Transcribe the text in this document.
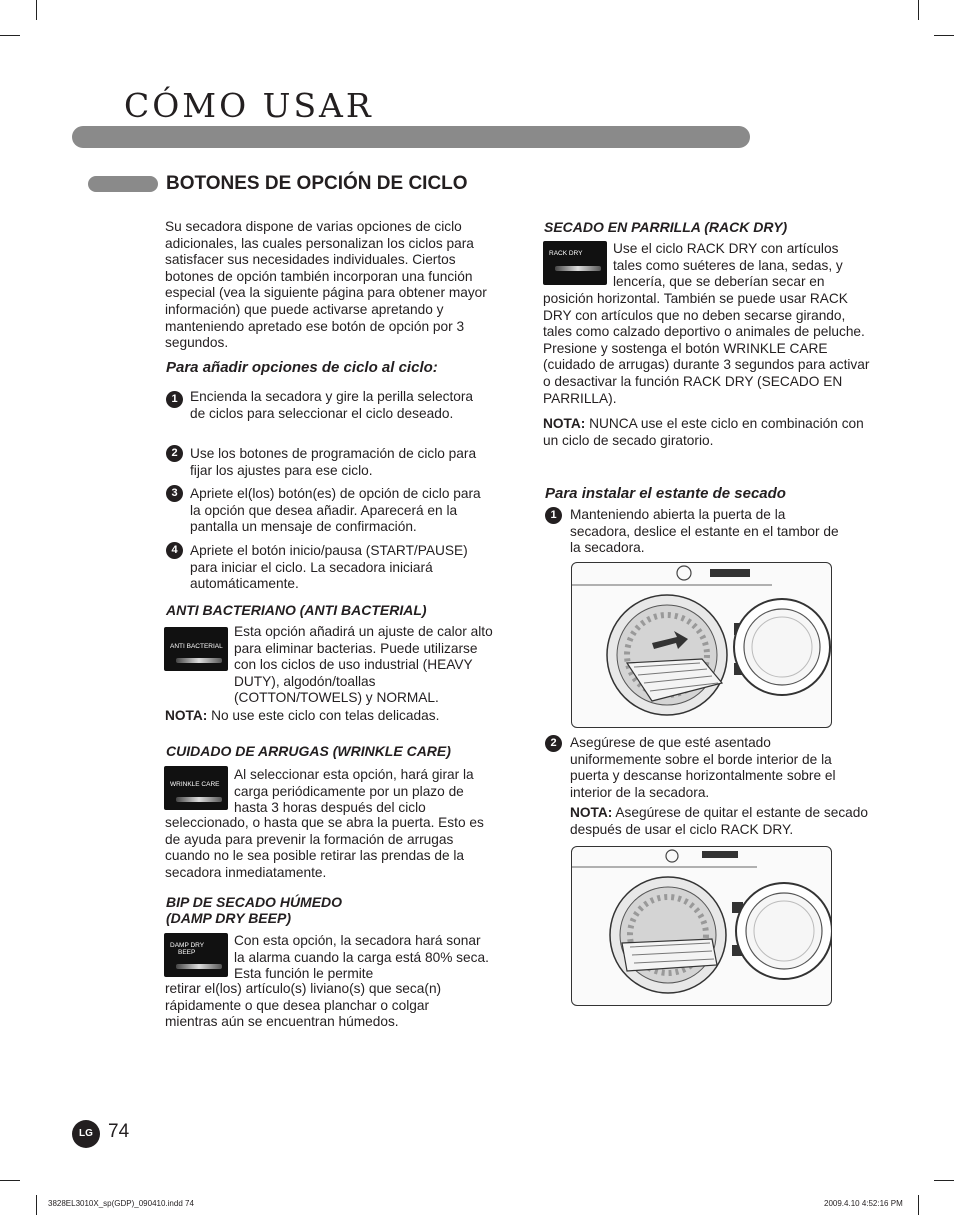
CÓMO USAR
BOTONES DE OPCIÓN DE CICLO

Su secadora dispone de varias opciones de ciclo adicionales, las cuales personalizan los ciclos para satisfacer sus necesidades individuales. Ciertos botones de opción también incorporan una función especial (vea la siguiente página para obtener mayor información) que puede activarse apretando y manteniendo apretado ese botón de opción por 3 segundos.

Para añadir opciones de ciclo al ciclo:
1 Encienda la secadora y gire la perilla selectora de ciclos para seleccionar el ciclo deseado.

2 Use los botones de programación de ciclo para fijar los ajustes para ese ciclo.

3 Apriete el(los) botón(es) de opción de ciclo para la opción que desea añadir. Aparecerá en la pantalla un mensaje de confirmación.

4 Apriete el botón inicio/pausa (START/PAUSE) para iniciar el ciclo. La secadora iniciará automáticamente.

ANTI BACTERIANO (ANTI BACTERIAL)
ANTI BACTERIAL

Esta opción añadirá un ajuste de calor alto para eliminar bacterias. Puede utilizarse con los ciclos de uso industrial (HEAVY DUTY), algodón/toallas (COTTON/TOWELS) y NORMAL.

NOTA: No use este ciclo con telas delicadas.

CUIDADO DE ARRUGAS (WRINKLE CARE)
WRINKLE CARE

Al seleccionar esta opción, hará girar la carga periódicamente por un plazo de hasta 3 horas después del ciclo

seleccionado, o hasta que se abra la puerta. Esto es de ayuda para prevenir la formación de arrugas cuando no le sea posible retirar las prendas de la secadora inmediatamente.

BIP DE SECADO HÚMEDO
(DAMP DRY BEEP)
DAMP DRY
BEEP

Con esta opción, la secadora hará sonar la alarma cuando la carga está 80% seca. Esta función le permite

retirar el(los) artículo(s) liviano(s) que seca(n) rápidamente o que desea planchar o colgar mientras aún se encuentran húmedos.

SECADO EN PARRILLA (RACK DRY)
RACK DRY Use el ciclo RACK DRY con artículos tales como suéteres de lana, sedas, y lencería, que se deberían secar en

posición horizontal. También se puede usar RACK DRY con artículos que no deben secarse girando, tales como calzado deportivo o animales de peluche. Presione y sostenga el botón WRINKLE CARE (cuidado de arrugas) durante 3 segundos para activar o desactivar la función RACK DRY (SECADO EN PARRILLA).

NOTA: NUNCA use el este ciclo en combinación con un ciclo de secado giratorio.

Para instalar el estante de secado
1 Manteniendo abierta la puerta de la secadora, deslice el estante en el tambor de la secadora.

2 Asegúrese de que esté asentado uniformemente sobre el borde interior de la puerta y descanse horizontalmente sobre el interior de la secadora.

NOTA: Asegúrese de quitar el estante de secado después de usar el ciclo RACK DRY.

LG 74
3828EL3010X_sp(GDP)_090410.indd 74	2009.4.10 4:52:16 PM
